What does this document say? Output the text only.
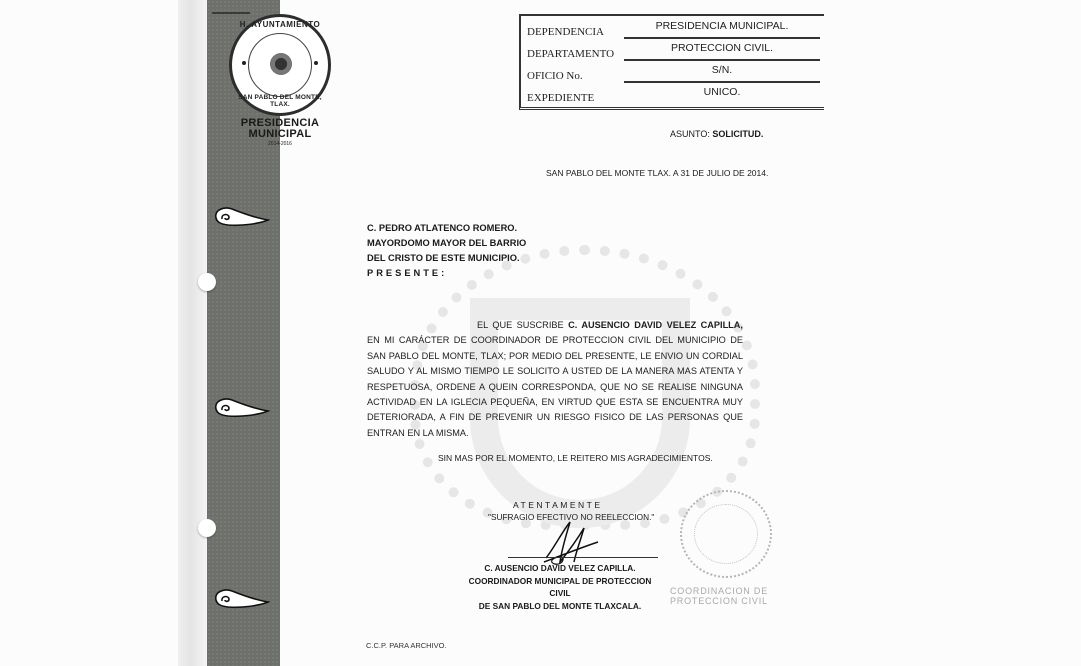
H. AYUNTAMIENTO
SAN PABLO DEL MONTE, TLAX.
PRESIDENCIA
MUNICIPAL
2014-2016
DEPENDENCIA	PRESIDENCIA MUNICIPAL.
DEPARTAMENTO	PROTECCION CIVIL.
OFICIO No.	S/N.
EXPEDIENTE	UNICO.
ASUNTO: SOLICITUD.
SAN PABLO DEL MONTE TLAX. A 31 DE JULIO DE 2014.
C. PEDRO ATLATENCO ROMERO.
MAYORDOMO MAYOR DEL BARRIO
DEL CRISTO DE ESTE MUNICIPIO.
PRESENTE:
EL QUE SUSCRIBE C. AUSENCIO DAVID VELEZ CAPILLA, EN MI CARÁCTER DE COORDINADOR DE PROTECCION CIVIL DEL MUNICIPIO DE SAN PABLO DEL MONTE, TLAX; POR MEDIO DEL PRESENTE, LE ENVIO UN CORDIAL SALUDO Y AL MISMO TIEMPO LE SOLICITO A USTED DE LA MANERA MAS ATENTA Y RESPETUOSA, ORDENE A QUEIN CORRESPONDA, QUE NO SE REALISE NINGUNA ACTIVIDAD EN LA IGLECIA PEQUEÑA, EN VIRTUD QUE ESTA SE ENCUENTRA MUY DETERIORADA, A FIN DE PREVENIR UN RIESGO FISICO DE LAS PERSONAS QUE ENTRAN EN LA MISMA.
SIN MAS POR EL MOMENTO, LE REITERO MIS AGRADECIMIENTOS.
ATENTAMENTE
"SUFRAGIO EFECTIVO NO REELECCION."
C. AUSENCIO DAVID VELEZ CAPILLA.
COORDINADOR MUNICIPAL DE PROTECCION CIVIL
DE SAN PABLO DEL MONTE TLAXCALA.
COORDINACION DE
PROTECCION CIVIL
C.C.P. PARA ARCHIVO.
